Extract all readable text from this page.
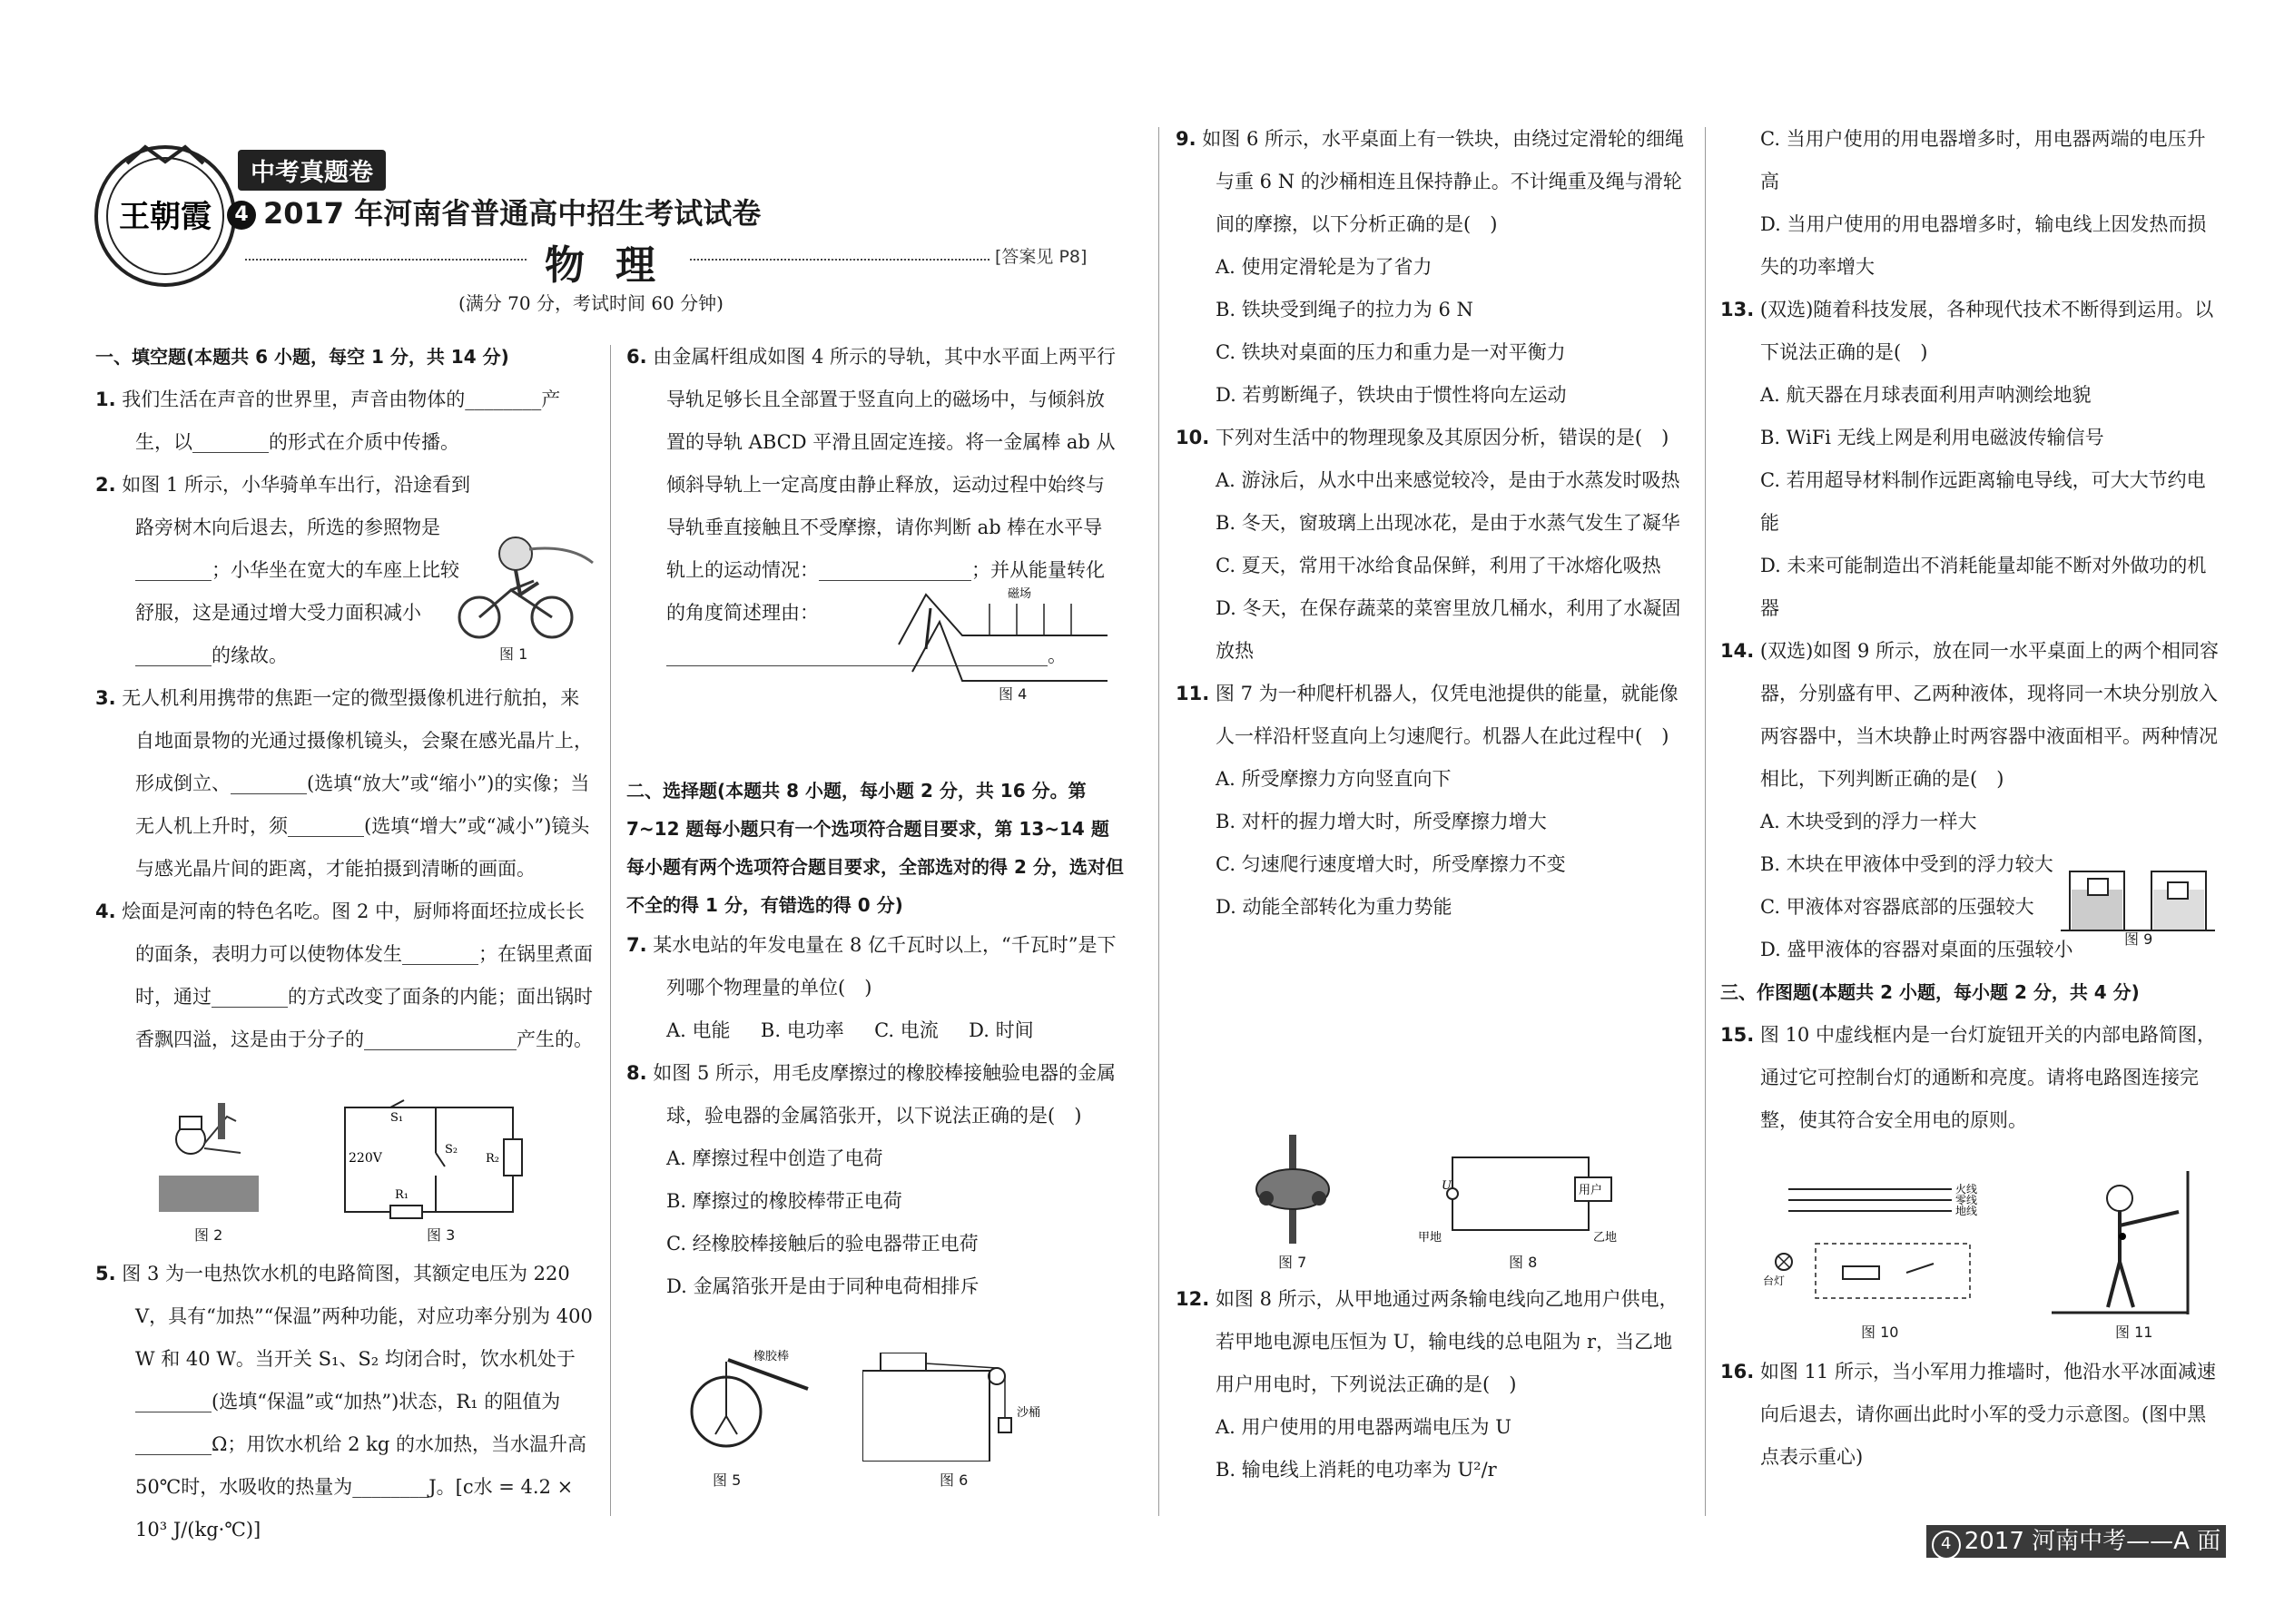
王朝霞
中考真题卷
4 2017 年河南省普通高中招生考试试卷
物理	[答案见 P8]
(满分 70 分，考试时间 60 分钟)

一、填空题(本题共 6 小题，每空 1 分，共 14 分)

1. 我们生活在声音的世界里，声音由物体的________产生，以________的形式在介质中传播。

2. 如图 1 所示，小华骑单车出行，沿途看到路旁树木向后退去，所选的参照物是________；小华坐在宽大的车座上比较舒服，这是通过增大受力面积减小________的缘故。

3. 无人机利用携带的焦距一定的微型摄像机进行航拍，来自地面景物的光通过摄像机镜头，会聚在感光晶片上，形成倒立、________(选填“放大”或“缩小”)的实像；当无人机上升时，须________(选填“增大”或“减小”)镜头与感光晶片间的距离，才能拍摄到清晰的画面。

4. 烩面是河南的特色名吃。图 2 中，厨师将面坯拉成长长的面条，表明力可以使物体发生________；在锅里煮面时，通过________的方式改变了面条的内能；面出锅时香飘四溢，这是由于分子的________________产生的。

图 1
图 2
220V
S₁
S₂
R₂
R₁
图 3

5. 图 3 为一电热饮水机的电路简图，其额定电压为 220 V，具有“加热”“保温”两种功能，对应功率分别为 400 W 和 40 W。当开关 S₁、S₂ 均闭合时，饮水机处于________(选填“保温”或“加热”)状态，R₁ 的阻值为________Ω；用饮水机给 2 kg 的水加热，当水温升高 50℃时，水吸收的热量为________J。[c水 = 4.2 × 10³ J/(kg·℃)]

6. 由金属杆组成如图 4 所示的导轨，其中水平面上两平行导轨足够长且全部置于竖直向上的磁场中，与倾斜放置的导轨 ABCD 平滑且固定连接。将一金属棒 ab 从倾斜导轨上一定高度由静止释放，运动过程中始终与导轨垂直接触且不受摩擦，请你判断 ab 棒在水平导轨上的运动情况：________________；并从能量转化的角度简述理由：________________________________________。

磁场
图 4

二、选择题(本题共 8 小题，每小题 2 分，共 16 分。第 7~12 题每小题只有一个选项符合题目要求，第 13~14 题每小题有两个选项符合题目要求，全部选对的得 2 分，选对但不全的得 1 分，有错选的得 0 分)

7. 某水电站的年发电量在 8 亿千瓦时以上，“千瓦时”是下列哪个物理量的单位(　)

A. 电能 B. 电功率 C. 电流 D. 时间

8. 如图 5 所示，用毛皮摩擦过的橡胶棒接触验电器的金属球，验电器的金属箔张开，以下说法正确的是(　)

A. 摩擦过程中创造了电荷

B. 摩擦过的橡胶棒带正电荷

C. 经橡胶棒接触后的验电器带正电荷

D. 金属箔张开是由于同种电荷相排斥

橡胶棒
图 5
沙桶
图 6

9. 如图 6 所示，水平桌面上有一铁块，由绕过定滑轮的细绳与重 6 N 的沙桶相连且保持静止。不计绳重及绳与滑轮间的摩擦，以下分析正确的是(　)

A. 使用定滑轮是为了省力

B. 铁块受到绳子的拉力为 6 N

C. 铁块对桌面的压力和重力是一对平衡力

D. 若剪断绳子，铁块由于惯性将向左运动

10. 下列对生活中的物理现象及其原因分析，错误的是(　)

A. 游泳后，从水中出来感觉较冷，是由于水蒸发时吸热

B. 冬天，窗玻璃上出现冰花，是由于水蒸气发生了凝华

C. 夏天，常用干冰给食品保鲜，利用了干冰熔化吸热

D. 冬天，在保存蔬菜的菜窖里放几桶水，利用了水凝固放热

11. 图 7 为一种爬杆机器人，仅凭电池提供的能量，就能像人一样沿杆竖直向上匀速爬行。机器人在此过程中(　)

A. 所受摩擦力方向竖直向下

B. 对杆的握力增大时，所受摩擦力增大

C. 匀速爬行速度增大时，所受摩擦力不变

D. 动能全部转化为重力势能

图 7
U	用户
甲地	乙地
图 8

12. 如图 8 所示，从甲地通过两条输电线向乙地用户供电，若甲地电源电压恒为 U，输电线的总电阻为 r，当乙地用户用电时，下列说法正确的是(　)

A. 用户使用的用电器两端电压为 U

B. 输电线上消耗的电功率为 U²/r

C. 当用户使用的用电器增多时，用电器两端的电压升高

D. 当用户使用的用电器增多时，输电线上因发热而损失的功率增大

13. (双选)随着科技发展，各种现代技术不断得到运用。以下说法正确的是(　)

A. 航天器在月球表面利用声呐测绘地貌

B. WiFi 无线上网是利用电磁波传输信号

C. 若用超导材料制作远距离输电导线，可大大节约电能

D. 未来可能制造出不消耗能量却能不断对外做功的机器

14. (双选)如图 9 所示，放在同一水平桌面上的两个相同容器，分别盛有甲、乙两种液体，现将同一木块分别放入两容器中，当木块静止时两容器中液面相平。两种情况相比，下列判断正确的是(　)

A. 木块受到的浮力一样大

B. 木块在甲液体中受到的浮力较大

C. 甲液体对容器底部的压强较大

D. 盛甲液体的容器对桌面的压强较小

三、作图题(本题共 2 小题，每小题 2 分，共 4 分)

15. 图 10 中虚线框内是一台灯旋钮开关的内部电路简图，通过它可控制台灯的通断和亮度。请将电路图连接完整，使其符合安全用电的原则。

图 9
火线
零线
地线
台灯
图 10	图 11

16. 如图 11 所示，当小军用力推墙时，他沿水平冰面减速向后退去，请你画出此时小军的受力示意图。(图中黑点表示重心)

4 2017 河南中考——A 面
